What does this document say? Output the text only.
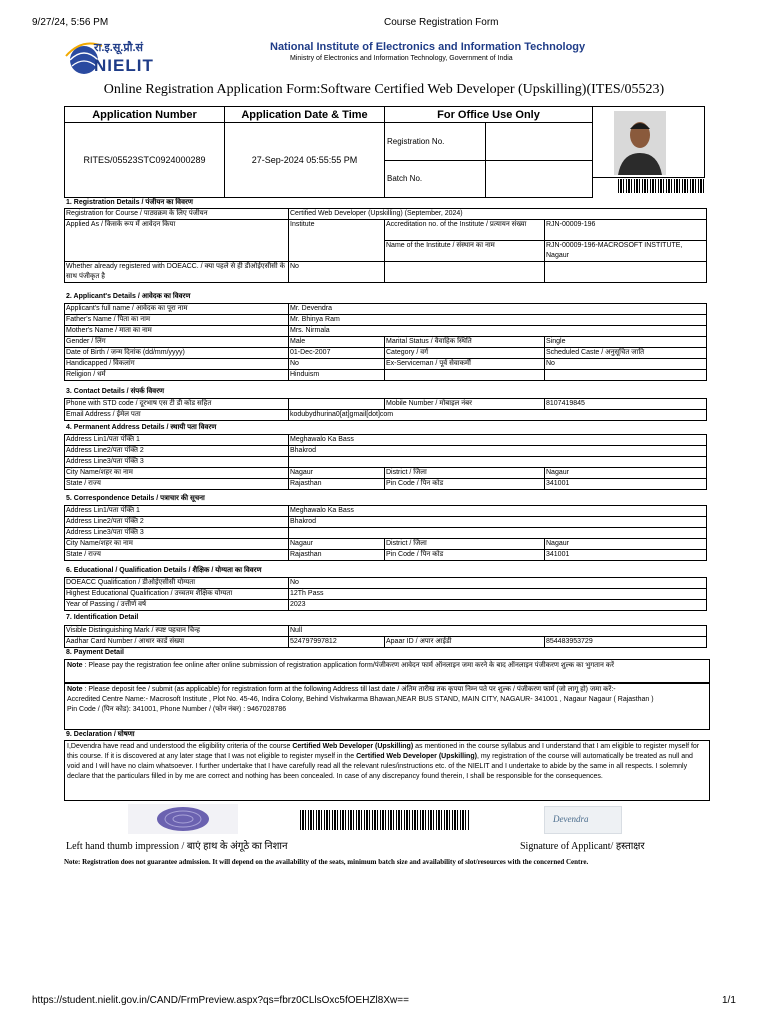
9/27/24, 5:56 PM	Course Registration Form
रा.इ.सू.प्रौ.सं
NIELIT
National Institute of Electronics and Information Technology
Ministry of Electronics and Information Technology, Government of India
Online Registration Application Form:Software Certified Web Developer (Upskilling)(ITES/05523)
Application Number	Application Date & Time	For Office Use Only
RITES/05523STC0924000289	27-Sep-2024 05:55:55 PM	
Registration No.	
Batch No.	
1. Registration Details / पंजीयन का विवरण
Registration for Course / पाठ्यक्रम के लिए पंजीयन	Certified Web Developer (Upskilling) (September, 2024)		
Applied As / किसके रूप में आवेदन किया	Institute	Accreditation no. of the Institute / प्रत्यायन संख्या	RJN-00009-196
		Name of the Institute / संस्थान का नाम	RJN-00009-196-MACROSOFT INSTITUTE, Nagaur
Whether already registered with DOEACC. / क्या पहले से ही डीओईएसीसी के साथ पंजीकृत है	No		
2. Applicant's Details / आवेदक का विवरण
Applicant's full name / आवेदक का पूरा नाम	Mr. Devendra		
Father's Name / पिता का नाम	Mr. Bhinya Ram		
Mother's Name / माता का नाम	Mrs. Nirmala		
Gender / लिंग	Male	Marital Status / वैवाहिक स्थिति	Single
Date of Birth / जन्म दिनांक (dd/mm/yyyy)	01-Dec-2007	Category / वर्ग	Scheduled Caste / अनुसूचित जाति
Handicapped / विकलांग	No	Ex-Serviceman / पूर्व सेवाकर्मी	No
Religion / धर्म	Hinduism		
3. Contact Details / संपर्क विवरण
Phone with STD code / दूरभाष एस टी डी कोड सहित		Mobile Number / मोबाइल नंबर	8107419845
Email Address / ईमेल पता	kodubydhurina0[at]gmail[dot]com		
4. Permanent Address Details / स्थायी पता विवरण
Address Lin1/पता पंक्ति 1	Meghawalo Ka Bass		
Address Line2/पता पंक्ति 2	Bhakrod		
Address Line3/पता पंक्ति 3			
City Name/शहर का नाम	Nagaur	District / जिला	Nagaur
State / राज्य	Rajasthan	Pin Code / पिन कोड	341001
5. Correspondence Details / पत्राचार की सूचना
Address Lin1/पता पंक्ति 1	Meghawalo Ka Bass		
Address Line2/पता पंक्ति 2	Bhakrod		
Address Line3/पता पंक्ति 3			
City Name/शहर का नाम	Nagaur	District / जिला	Nagaur
State / राज्य	Rajasthan	Pin Code / पिन कोड	341001
6. Educational / Qualification Details / शैक्षिक / योग्यता का विवरण
DOEACC Qualification / डीओईएसीसी योग्यता	No
Highest Educational Qualification / उच्चतम शैक्षिक योग्यता	12Th Pass
Year of Passing / उत्तीर्ण वर्ष	2023
7. Identification Detail
Visible Distinguishing Mark / स्पष्ट पहचान चिन्ह	Null		
Aadhar Card Number / आधार कार्ड संख्या	524797997812	Apaar ID / अपार आईडी	854483953729
8. Payment Detail
Note : Please pay the registration fee online after online submission of registration application form/पंजीकरण आवेदन फार्म ऑनलाइन जमा करने के बाद ऑनलाइन पंजीकरण शुल्क का भुगतान करें
Note : Please deposit fee / submit (as applicable) for registration form at the following Address till last date / अंतिम तारीख तक कृपया निम्न पते पर शुल्क / पंजीकरण फार्म (जो लागू हो) जमा करें:-
Accredited Centre Name:- Macrosoft Institute , Plot No. 45-46, Indira Colony, Behind Vishwkarma Bhawan,NEAR BUS STAND, MAIN CITY, NAGAUR- 341001 , Nagaur Nagaur ( Rajasthan )
Pin Code / (पिन कोड): 341001, Phone Number / (फोन नंबर) : 9467028786
9. Declaration / घोषणा
I,Devendra have read and understood the eligibility criteria of the course Certified Web Developer (Upskilling) as mentioned in the course syllabus and I understand that I am eligible to register myself for this course. If it is discovered at any later stage that I was not eligible to register myself in the Certified Web Developer (Upskilling), my registration of the course will automatically be treated as null and void and I will have no claim whatsoever. I further undertake that I have carefully read all the relevant rules/instructions etc. of the NIELIT and I undertake to abide by the same in all respects. I solemnly declare that the particulars filled in by me are correct and nothing has been concealed. In case of any discrepancy found therein, I shall be responsible for the consequences.
Devendra
Left hand thumb impression / बाएं हाथ के अंगूठे का निशान	Signature of Applicant/ हस्ताक्षर
Note: Registration does not guarantee admission. It will depend on the availability of the seats, minimum batch size and availability of slot/resources with the concerned Centre.
https://student.nielit.gov.in/CAND/FrmPreview.aspx?qs=fbrz0CLlsOxc5fOEHZl8Xw==	1/1
